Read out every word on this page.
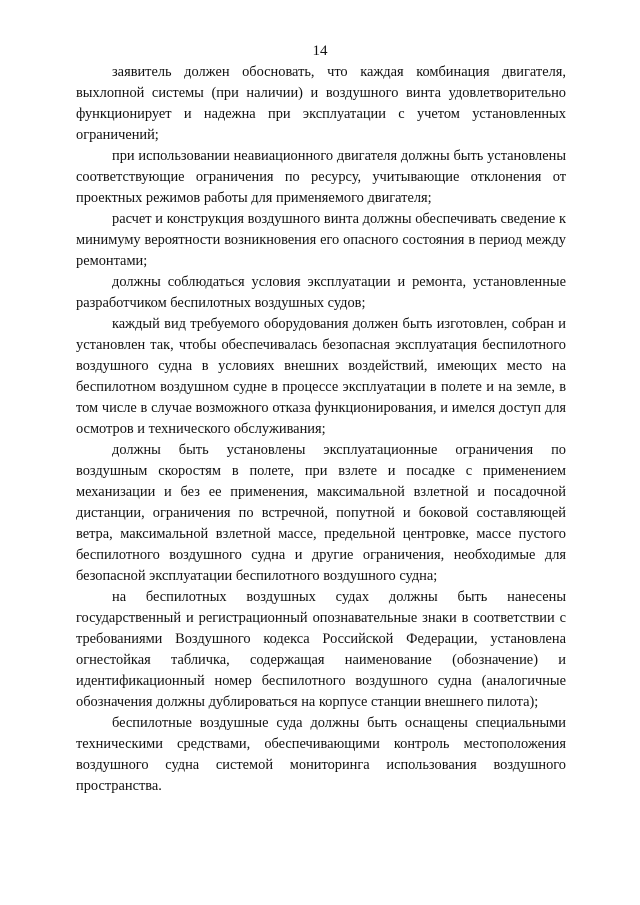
14

заявитель должен обосновать, что каждая комбинация двигателя, выхлопной системы (при наличии) и воздушного винта удовлетворительно функционирует и надежна при эксплуатации с учетом установленных ограничений;

при использовании неавиационного двигателя должны быть установлены соответствующие ограничения по ресурсу, учитывающие отклонения от проектных режимов работы для применяемого двигателя;

расчет и конструкция воздушного винта должны обеспечивать сведение к минимуму вероятности возникновения его опасного состояния в период между ремонтами;

должны соблюдаться условия эксплуатации и ремонта, установленные разработчиком беспилотных воздушных судов;

каждый вид требуемого оборудования должен быть изготовлен, собран и установлен так, чтобы обеспечивалась безопасная эксплуатация беспилотного воздушного судна в условиях внешних воздействий, имеющих место на беспилотном воздушном судне в процессе эксплуатации в полете и на земле, в том числе в случае возможного отказа функционирования, и имелся доступ для осмотров и технического обслуживания;

должны быть установлены эксплуатационные ограничения по воздушным скоростям в полете, при взлете и посадке с применением механизации и без ее применения, максимальной взлетной и посадочной дистанции, ограничения по встречной, попутной и боковой составляющей ветра, максимальной взлетной массе, предельной центровке, массе пустого беспилотного воздушного судна и другие ограничения, необходимые для безопасной эксплуатации беспилотного воздушного судна;

на беспилотных воздушных судах должны быть нанесены государственный и регистрационный опознавательные знаки в соответствии с требованиями Воздушного кодекса Российской Федерации, установлена огнестойкая табличка, содержащая наименование (обозначение) и идентификационный номер беспилотного воздушного судна (аналогичные обозначения должны дублироваться на корпусе станции внешнего пилота);

беспилотные воздушные суда должны быть оснащены специальными техническими средствами, обеспечивающими контроль местоположения воздушного судна системой мониторинга использования воздушного пространства.
